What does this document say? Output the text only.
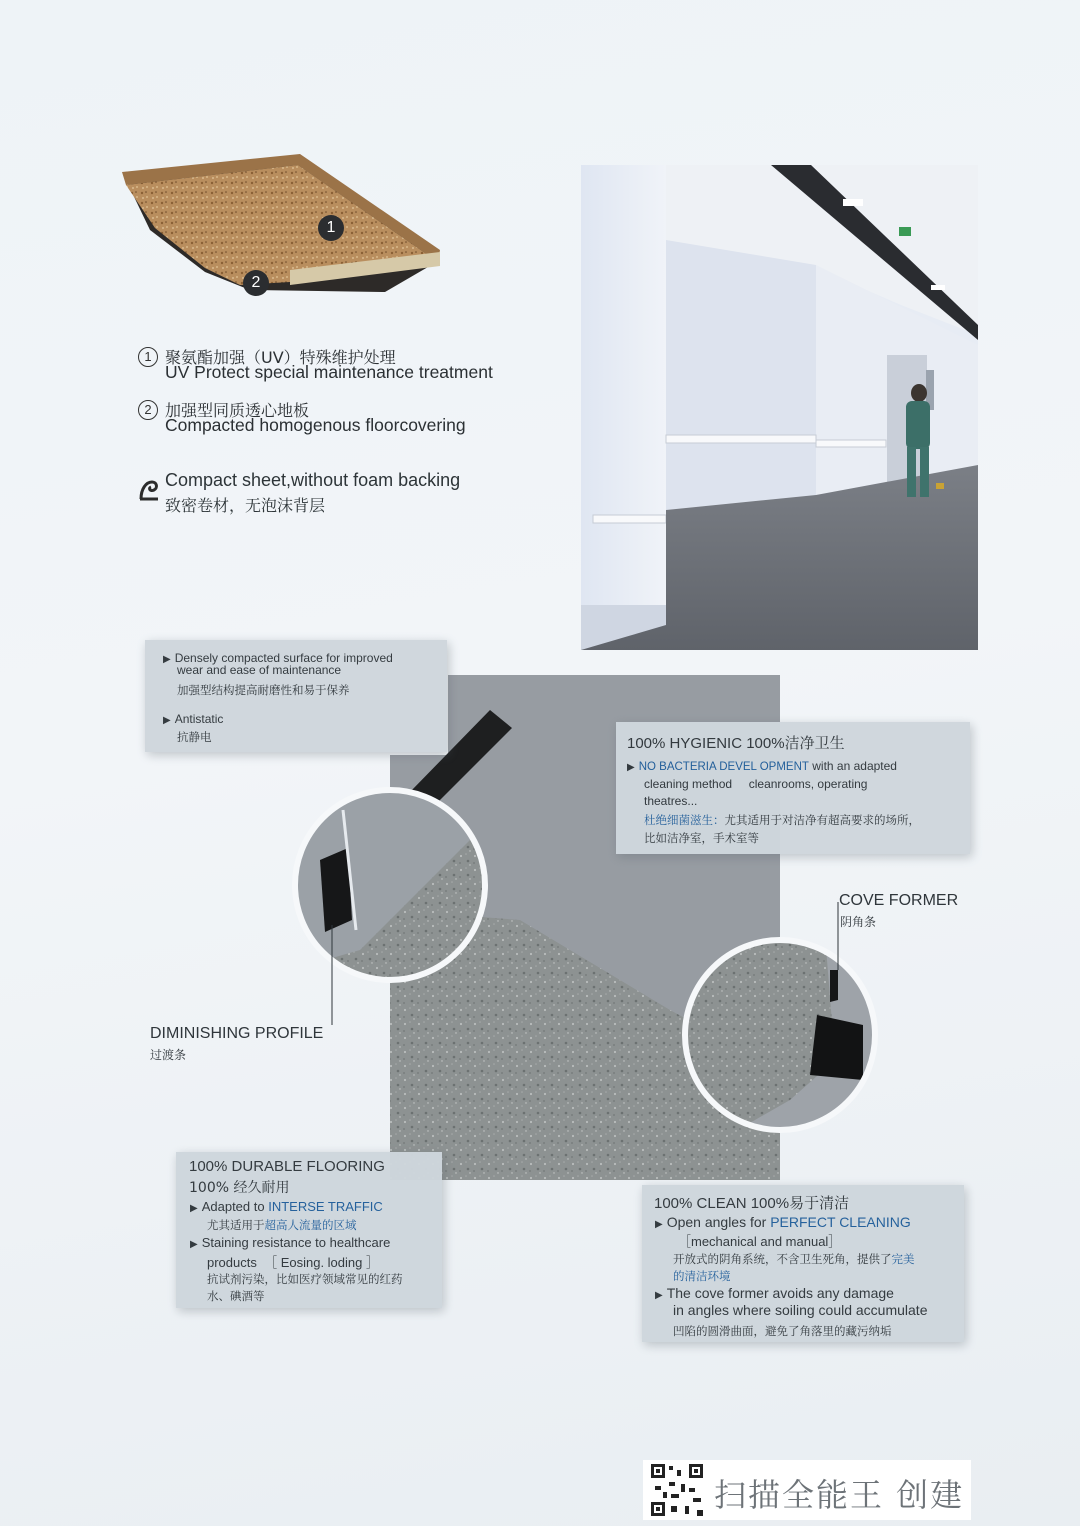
1
2
1 聚氨酯加强（UV）特殊维护处理
UV Protect special maintenance treatment
2 加强型同质透心地板
Compacted homogenous floorcovering
Compact sheet,without foam backing
致密卷材，无泡沫背层
▶ Densely compacted surface for improved
wear and ease of maintenance
加强型结构提高耐磨性和易于保养
▶ Antistatic
抗静电	100% HYGIENIC 100%洁净卫生
▶ NO BACTERIA DEVEL OPMENT with an adapted
cleaning method     cleanrooms, operating
theatres...
杜绝细菌滋生：尤其适用于对洁净有超高要求的场所，
比如洁净室，手术室等
COVE FORMER
阴角条
DIMINISHING PROFILE
过渡条
100% DURABLE FLOORING
100% 经久耐用
▶ Adapted to INTERSE TRAFFIC
尤其适用于超高人流量的区域
▶ Staining resistance to healthcare
products  ［ Eosing. loding ］
抗试剂污染，比如医疗领域常见的红药
水、碘酒等
100% CLEAN 100%易于清洁
▶ Open angles for PERFECT CLEANING
［mechanical and manual］
开放式的阴角系统，不含卫生死角，提供了完美
的清洁环境
▶ The cove former avoids any damage
in angles where soiling could accumulate
凹陷的圆滑曲面，避免了角落里的藏污纳垢
扫描全能王 创建
